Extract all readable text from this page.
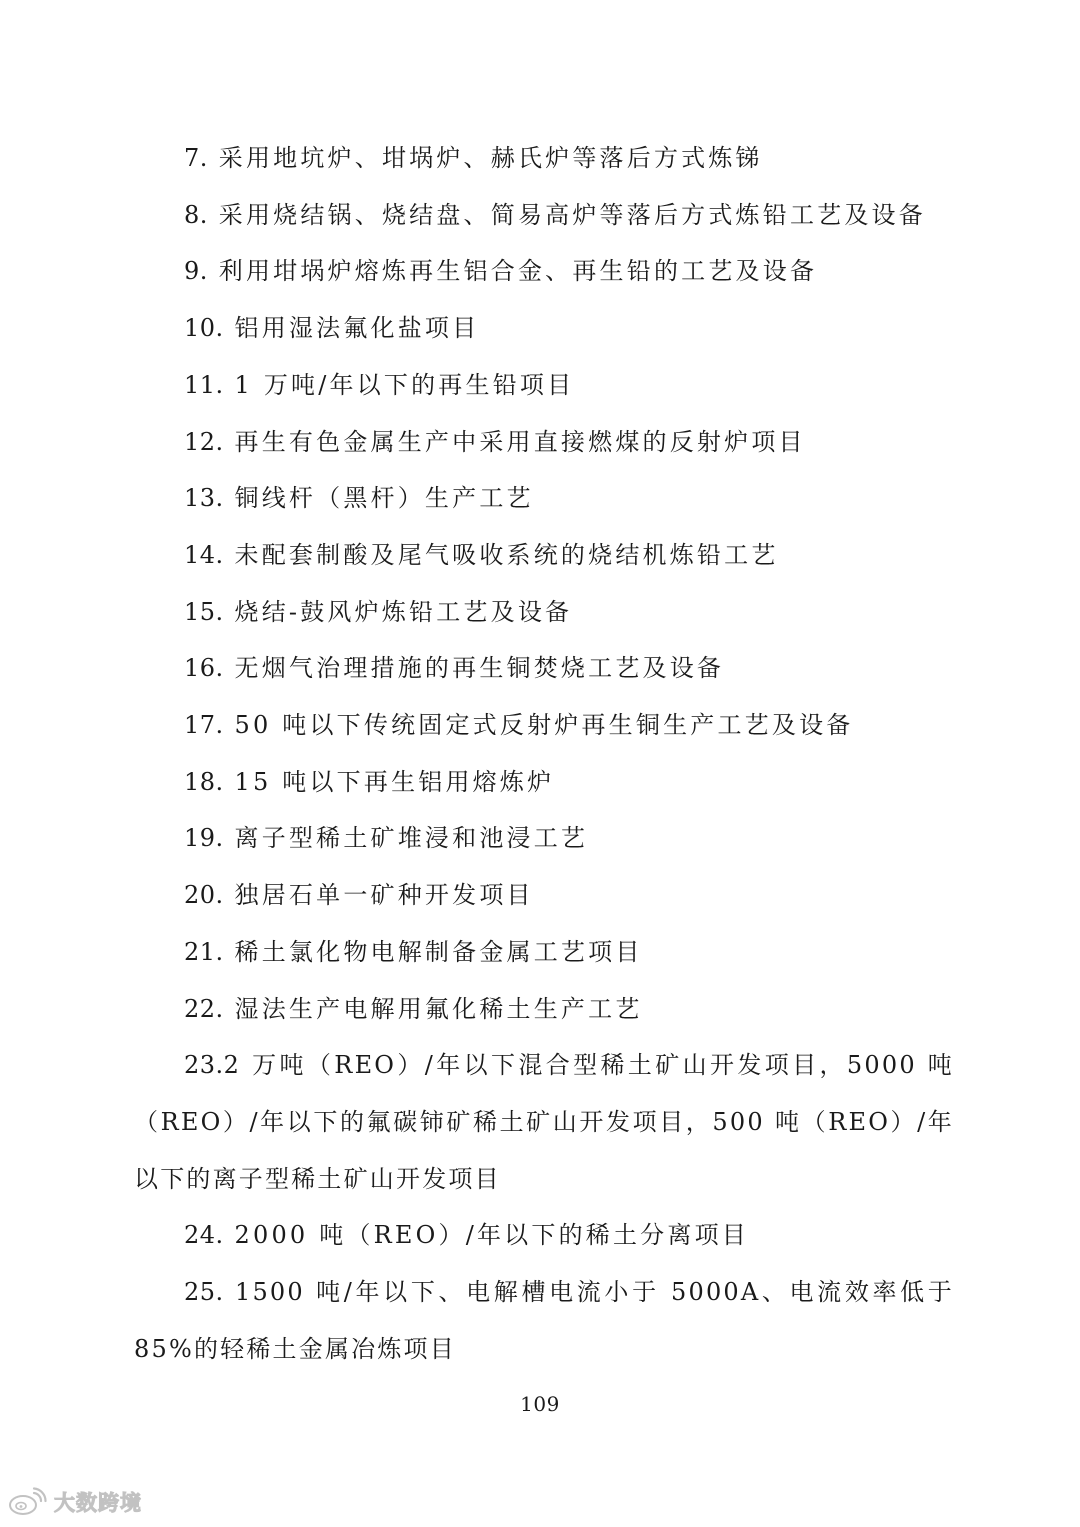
7. 采用地坑炉、坩埚炉、赫氏炉等落后方式炼锑
8. 采用烧结锅、烧结盘、简易高炉等落后方式炼铅工艺及设备
9. 利用坩埚炉熔炼再生铝合金、再生铅的工艺及设备
10. 铝用湿法氟化盐项目
11. 1 万吨/年以下的再生铅项目
12. 再生有色金属生产中采用直接燃煤的反射炉项目
13. 铜线杆（黑杆）生产工艺
14. 未配套制酸及尾气吸收系统的烧结机炼铅工艺
15. 烧结-鼓风炉炼铅工艺及设备
16. 无烟气治理措施的再生铜焚烧工艺及设备
17. 50 吨以下传统固定式反射炉再生铜生产工艺及设备
18. 15 吨以下再生铝用熔炼炉
19. 离子型稀土矿堆浸和池浸工艺
20. 独居石单一矿种开发项目
21. 稀土氯化物电解制备金属工艺项目
22. 湿法生产电解用氟化稀土生产工艺
23.2 万吨（REO）/年以下混合型稀土矿山开发项目，5000 吨（REO）/年以下的氟碳铈矿稀土矿山开发项目，500 吨（REO）/年以下的离子型稀土矿山开发项目
24. 2000 吨（REO）/年以下的稀土分离项目
25. 1500 吨/年以下、电解槽电流小于 5000A、电流效率低于 85%的轻稀土金属冶炼项目
109
大数跨境
